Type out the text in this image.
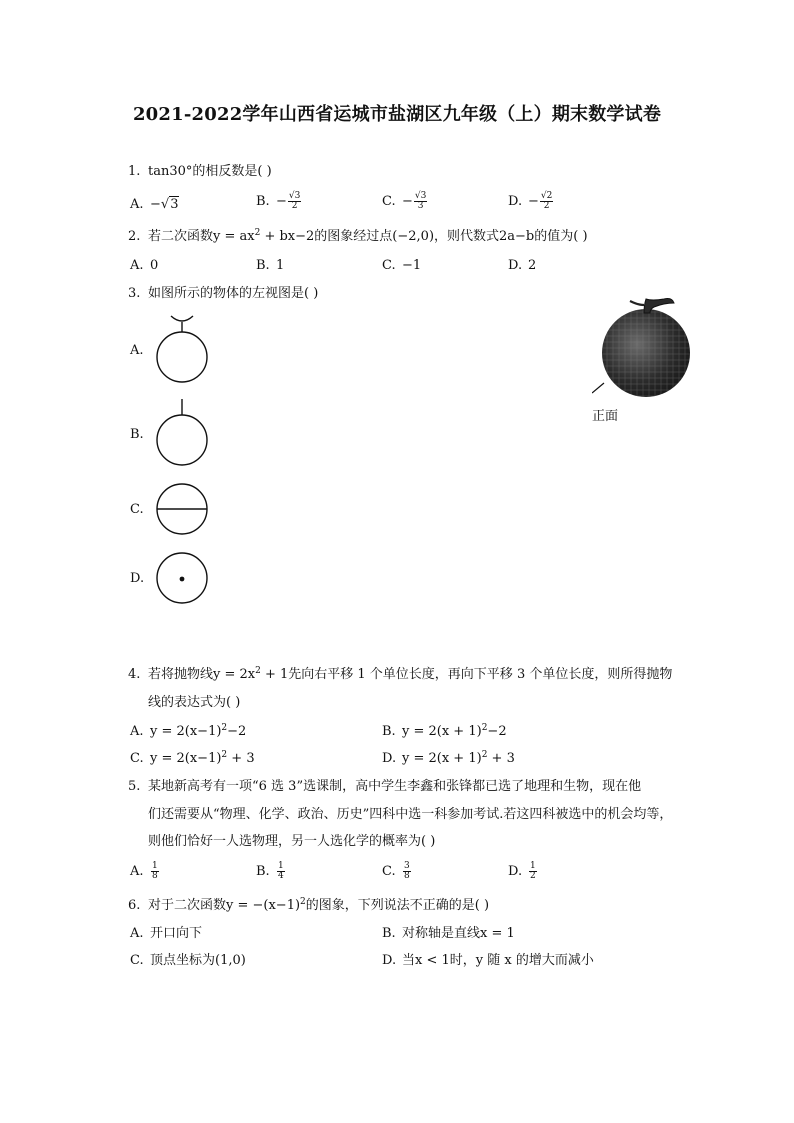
2021-2022学年山西省运城市盐湖区九年级（上）期末数学试卷
1. tan30°的相反数是( )
A. −√3	B. − $\frac{√3}{2}$	C. − $\frac{√3}{3}$	D. − $\frac{√2}{2}$
2. 若二次函数$y = ax^2 + bx-2$的图象经过点(−2,0)，则代数式2a−b的值为( )
A. 0	B. 1	C. −1	D. 2
3. 如图所示的物体的左视图是( )
A.
B.
C.
D.
正面
4. 若将抛物线$y = 2x^2 + 1$先向右平移 1 个单位长度，再向下平移 3 个单位长度，则所得抛物
线的表达式为( )
A. $y = 2(x-1)^2-2$	B. $y = 2(x + 1)^2-2$
C. $y = 2(x-1)^2 + 3$	D. $y = 2(x + 1)^2 + 3$
5. 某地新高考有一项“6 选 3”选课制，高中学生李鑫和张锋都已选了地理和生物，现在他
们还需要从“物理、化学、政治、历史”四科中选一科参加考试.若这四科被选中的机会均等，
则他们恰好一人选物理，另一人选化学的概率为( )
A. $\frac{1}{8}$	B. $\frac{1}{4}$	C. $\frac{3}{8}$	D. $\frac{1}{2}$
6. 对于二次函数$y = -(x-1)^2$的图象，下列说法不正确的是( )
A. 开口向下	B. 对称轴是直线x = 1
C. 顶点坐标为(1,0)	D. 当x < 1时，y 随 x 的增大而减小
